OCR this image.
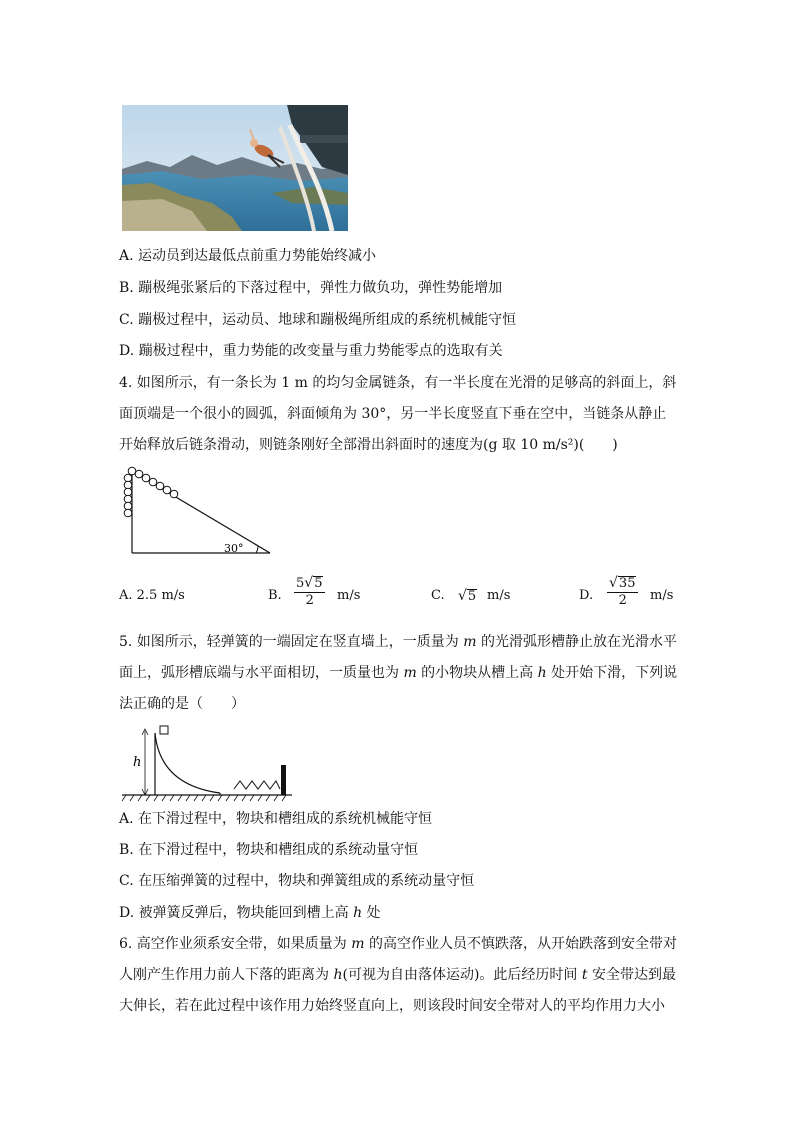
A. 运动员到达最低点前重力势能始终减小
B. 蹦极绳张紧后的下落过程中，弹性力做负功，弹性势能增加
C. 蹦极过程中，运动员、地球和蹦极绳所组成的系统机械能守恒
D. 蹦极过程中，重力势能的改变量与重力势能零点的选取有关
4. 如图所示，有一条长为 1 m 的均匀金属链条，有一半长度在光滑的足够高的斜面上，斜
面顶端是一个很小的圆弧，斜面倾角为 30°，另一半长度竖直下垂在空中，当链条从静止
开始释放后链条滑动，则链条刚好全部滑出斜面时的速度为(g 取 10 m/s²)(　　)
30°
A. 2.5 m/s	B. $\frac{5√5}{2} m/s$	C. √5 m/s	D. $\frac{√35}{2} m/s$
5. 如图所示，轻弹簧的一端固定在竖直墙上，一质量为 m 的光滑弧形槽静止放在光滑水平
面上，弧形槽底端与水平面相切，一质量也为 m 的小物块从槽上高 h 处开始下滑，下列说
法正确的是（　　）
h
A. 在下滑过程中，物块和槽组成的系统机械能守恒
B. 在下滑过程中，物块和槽组成的系统动量守恒
C. 在压缩弹簧的过程中，物块和弹簧组成的系统动量守恒
D. 被弹簧反弹后，物块能回到槽上高 h 处
6. 高空作业须系安全带，如果质量为 m 的高空作业人员不慎跌落，从开始跌落到安全带对
人刚产生作用力前人下落的距离为 h(可视为自由落体运动)。此后经历时间 t 安全带达到最
大伸长，若在此过程中该作用力始终竖直向上，则该段时间安全带对人的平均作用力大小
